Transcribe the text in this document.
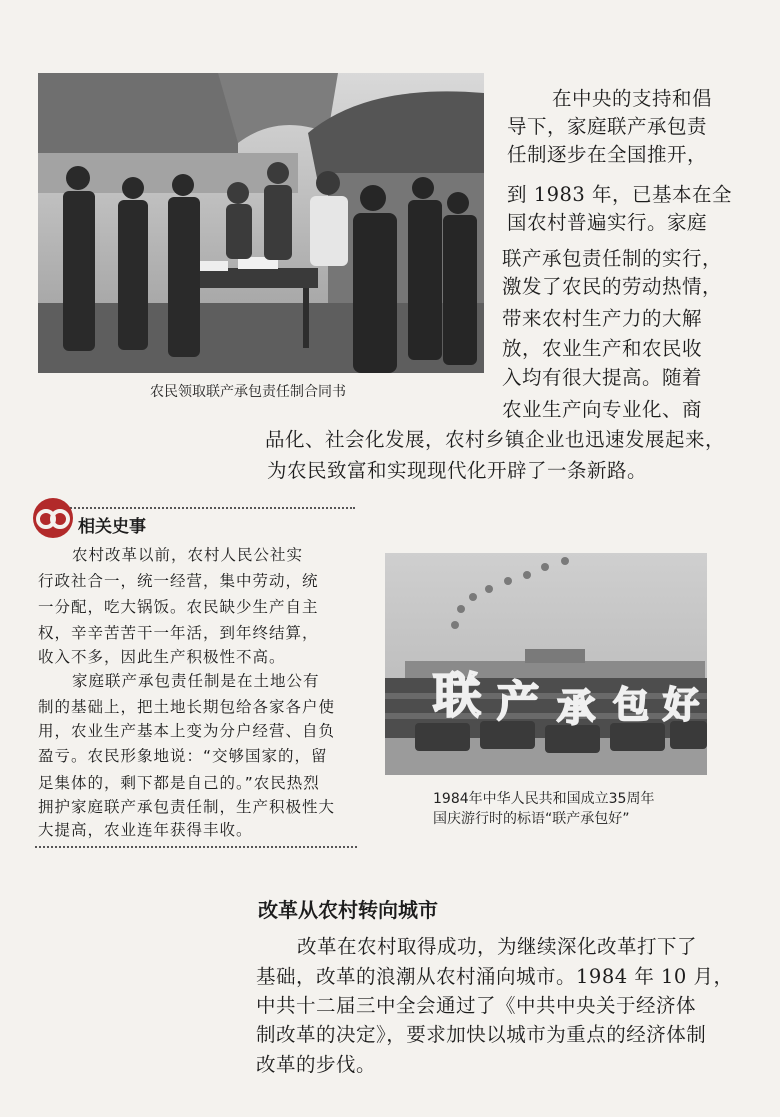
农民领取联产承包责任制合同书
在中央的支持和倡
导下，家庭联产承包责
任制逐步在全国推开，
到 1983 年，已基本在全
国农村普遍实行。家庭
联产承包责任制的实行，
激发了农民的劳动热情，
带来农村生产力的大解
放，农业生产和农民收
入均有很大提高。随着
农业生产向专业化、商
品化、社会化发展，农村乡镇企业也迅速发展起来，
为农民致富和实现现代化开辟了一条新路。
相关史事
农村改革以前，农村人民公社实
行政社合一，统一经营，集中劳动，统
一分配，吃大锅饭。农民缺少生产自主
权，辛辛苦苦干一年活，到年终结算，
收入不多，因此生产积极性不高。
家庭联产承包责任制是在土地公有
制的基础上，把土地长期包给各家各户使
用，农业生产基本上变为分户经营、自负
盈亏。农民形象地说：“交够国家的，留
足集体的，剩下都是自己的。”农民热烈
拥护家庭联产承包责任制，生产积极性大
大提高，农业连年获得丰收。
联 产 承 包 好
1984年中华人民共和国成立35周年
国庆游行时的标语“联产承包好”
改革从农村转向城市
改革在农村取得成功，为继续深化改革打下了
基础，改革的浪潮从农村涌向城市。1984 年 10 月，
中共十二届三中全会通过了《中共中央关于经济体
制改革的决定》，要求加快以城市为重点的经济体制
改革的步伐。
